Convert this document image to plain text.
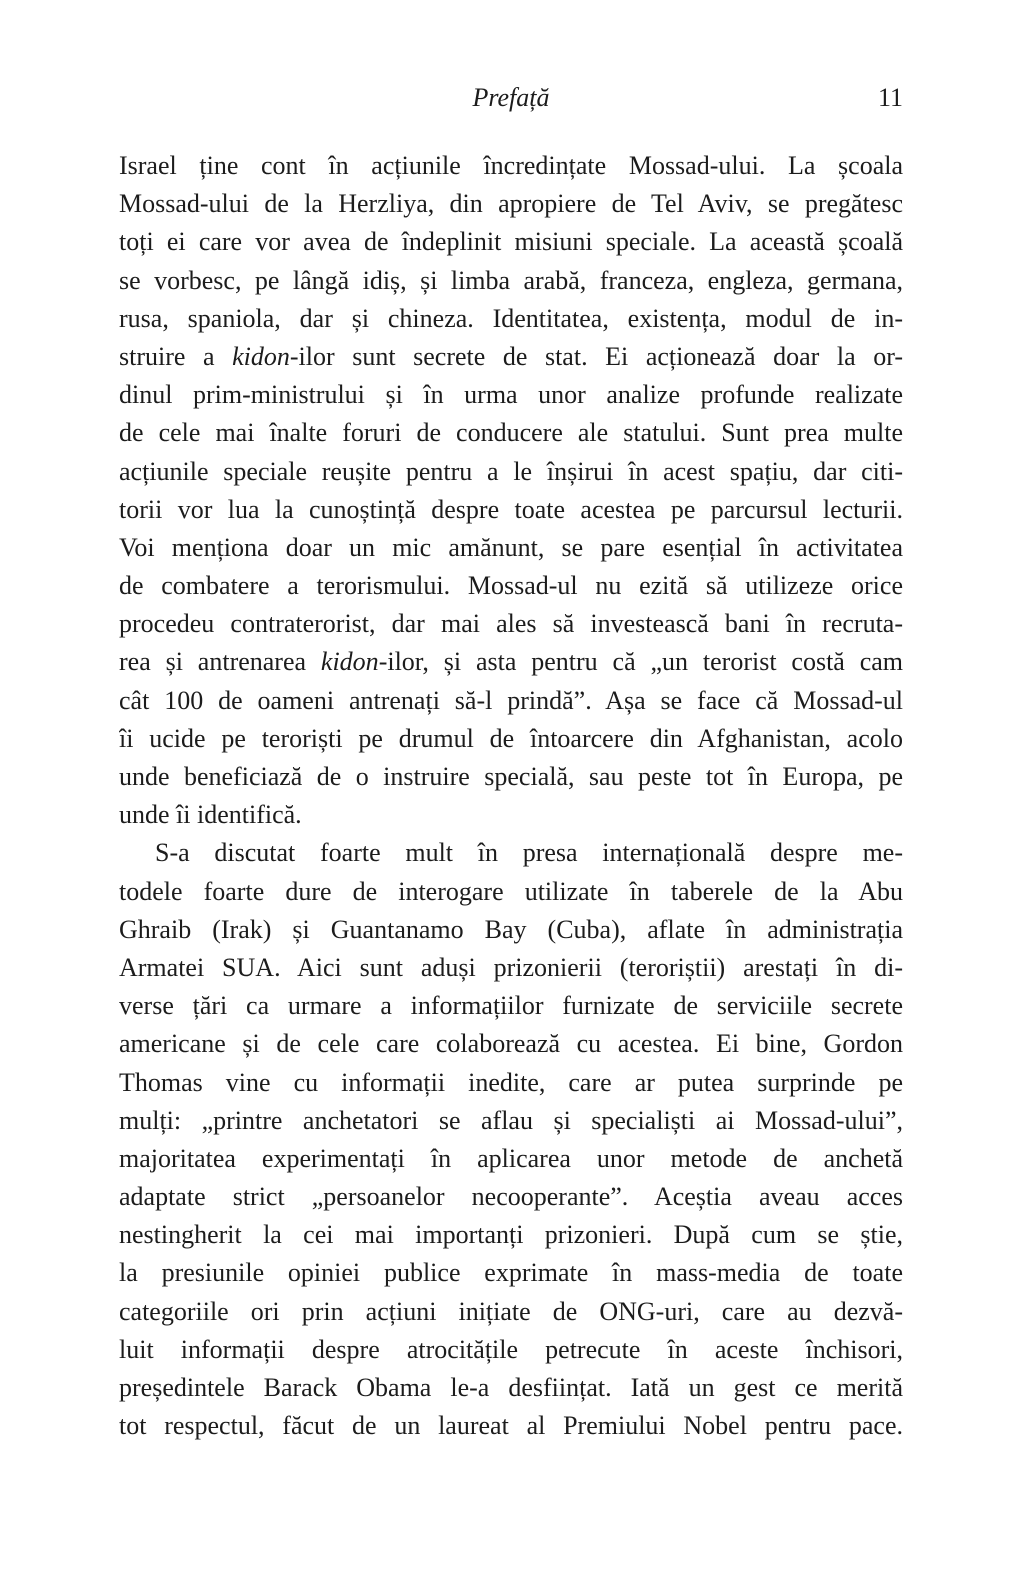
Prefață	11
Israel ține cont în acțiunile încredințate Mossad-ului. La școala
Mossad-ului de la Herzliya, din apropiere de Tel Aviv, se pregătesc
toți ei care vor avea de îndeplinit misiuni speciale. La această școală
se vorbesc, pe lângă idiș, și limba arabă, franceza, engleza, germana,
rusa, spaniola, dar și chineza. Identitatea, existența, modul de in-
struire a kidon-ilor sunt secrete de stat. Ei acționează doar la or-
dinul prim-ministrului și în urma unor analize profunde realizate
de cele mai înalte foruri de conducere ale statului. Sunt prea multe
acțiunile speciale reușite pentru a le înșirui în acest spațiu, dar citi-
torii vor lua la cunoștință despre toate acestea pe parcursul lecturii.
Voi menționa doar un mic amănunt, se pare esențial în activitatea
de combatere a terorismului. Mossad-ul nu ezită să utilizeze orice
procedeu contraterorist, dar mai ales să investească bani în recruta-
rea și antrenarea kidon-ilor, și asta pentru că „un terorist costă cam
cât 100 de oameni antrenați să-l prindă”. Așa se face că Mossad-ul
îi ucide pe teroriști pe drumul de întoarcere din Afghanistan, acolo
unde beneficiază de o instruire specială, sau peste tot în Europa, pe
unde îi identifică.
S-a discutat foarte mult în presa internațională despre me-
todele foarte dure de interogare utilizate în taberele de la Abu
Ghraib (Irak) și Guantanamo Bay (Cuba), aflate în administrația
Armatei SUA. Aici sunt aduși prizonierii (teroriștii) arestați în di-
verse țări ca urmare a informațiilor furnizate de serviciile secrete
americane și de cele care colaborează cu acestea. Ei bine, Gordon
Thomas vine cu informații inedite, care ar putea surprinde pe
mulți: „printre anchetatori se aflau și specialiști ai Mossad-ului”,
majoritatea experimentați în aplicarea unor metode de anchetă
adaptate strict „persoanelor necooperante”. Aceștia aveau acces
nestingherit la cei mai importanți prizonieri. După cum se știe,
la presiunile opiniei publice exprimate în mass-media de toate
categoriile ori prin acțiuni inițiate de ONG-uri, care au dezvă-
luit informații despre atrocitățile petrecute în aceste închisori,
președintele Barack Obama le-a desființat. Iată un gest ce merită
tot respectul, făcut de un laureat al Premiului Nobel pentru pace.
